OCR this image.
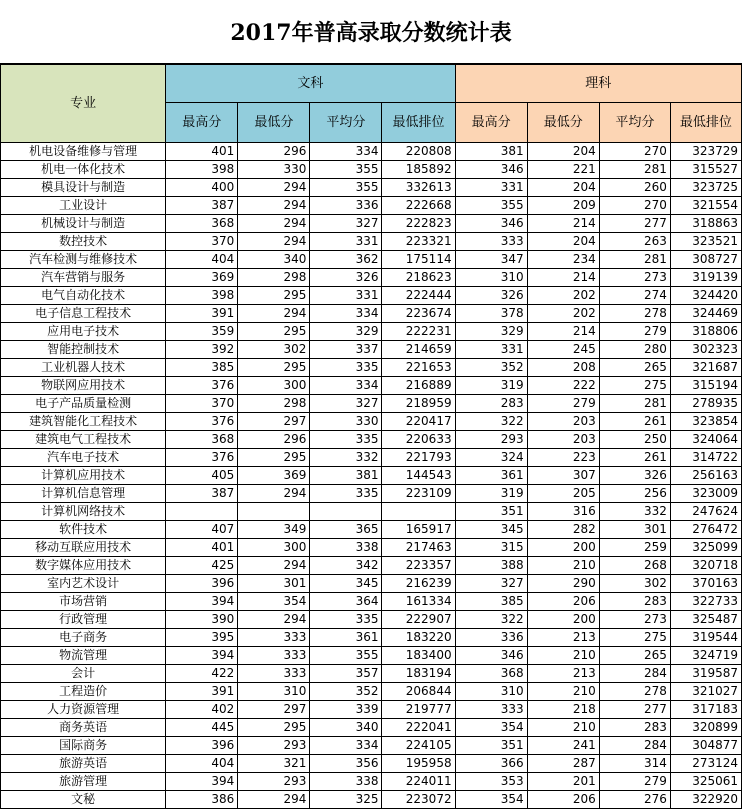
2017年普高录取分数统计表
专业	文科				理科			
	最高分	最低分	平均分	最低排位	最高分	最低分	平均分	最低排位
机电设备维修与管理	401	296	334	220808	381	204	270	323729
机电一体化技术	398	330	355	185892	346	221	281	315527
模具设计与制造	400	294	355	332613	331	204	260	323725
工业设计	387	294	336	222668	355	209	270	321554
机械设计与制造	368	294	327	222823	346	214	277	318863
数控技术	370	294	331	223321	333	204	263	323521
汽车检测与维修技术	404	340	362	175114	347	234	281	308727
汽车营销与服务	369	298	326	218623	310	214	273	319139
电气自动化技术	398	295	331	222444	326	202	274	324420
电子信息工程技术	391	294	334	223674	378	202	278	324469
应用电子技术	359	295	329	222231	329	214	279	318806
智能控制技术	392	302	337	214659	331	245	280	302323
工业机器人技术	385	295	335	221653	352	208	265	321687
物联网应用技术	376	300	334	216889	319	222	275	315194
电子产品质量检测	370	298	327	218959	283	279	281	278935
建筑智能化工程技术	376	297	330	220417	322	203	261	323854
建筑电气工程技术	368	296	335	220633	293	203	250	324064
汽车电子技术	376	295	332	221793	324	223	261	314722
计算机应用技术	405	369	381	144543	361	307	326	256163
计算机信息管理	387	294	335	223109	319	205	256	323009
计算机网络技术					351	316	332	247624
软件技术	407	349	365	165917	345	282	301	276472
移动互联应用技术	401	300	338	217463	315	200	259	325099
数字媒体应用技术	425	294	342	223357	388	210	268	320718
室内艺术设计	396	301	345	216239	327	290	302	370163
市场营销	394	354	364	161334	385	206	283	322733
行政管理	390	294	335	222907	322	200	273	325487
电子商务	395	333	361	183220	336	213	275	319544
物流管理	394	333	355	183400	346	210	265	324719
会计	422	333	357	183194	368	213	284	319587
工程造价	391	310	352	206844	310	210	278	321027
人力资源管理	402	297	339	219777	333	218	277	317183
商务英语	445	295	340	222041	354	210	283	320899
国际商务	396	293	334	224105	351	241	284	304877
旅游英语	404	321	356	195958	366	287	314	273124
旅游管理	394	293	338	224011	353	201	279	325061
文秘	386	294	325	223072	354	206	276	322920
